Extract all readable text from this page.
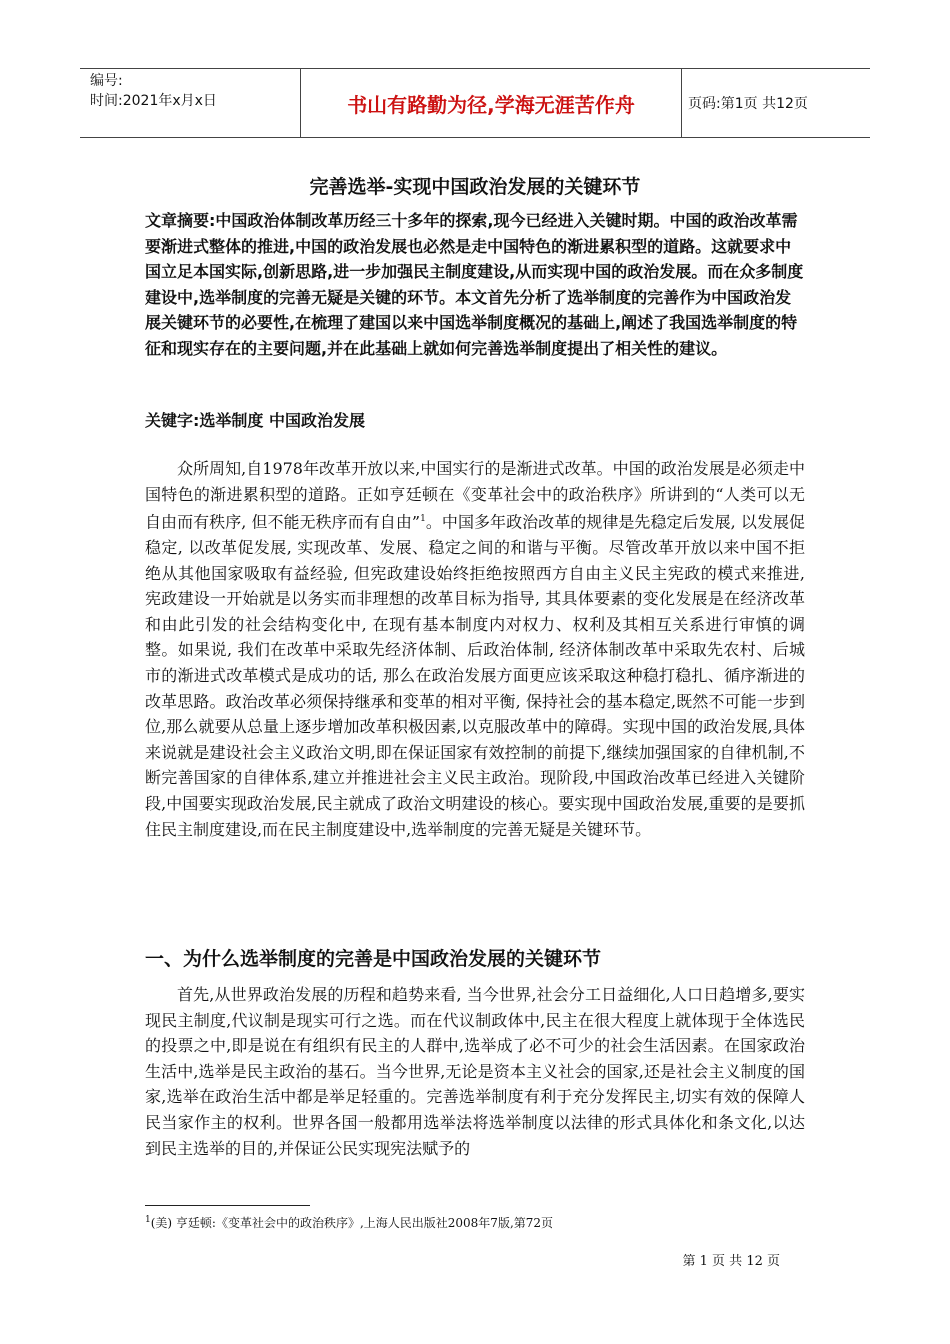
编号:
时间:2021年x月x日	书山有路勤为径,学海无涯苦作舟	页码:第1页 共12页
完善选举-实现中国政治发展的关键环节
文章摘要:中国政治体制改革历经三十多年的探索,现今已经进入关键时期。中国的政治改革需要渐进式整体的推进,中国的政治发展也必然是走中国特色的渐进累积型的道路。这就要求中国立足本国实际,创新思路,进一步加强民主制度建设,从而实现中国的政治发展。而在众多制度建设中,选举制度的完善无疑是关键的环节。本文首先分析了选举制度的完善作为中国政治发展关键环节的必要性,在梳理了建国以来中国选举制度概况的基础上,阐述了我国选举制度的特征和现实存在的主要问题,并在此基础上就如何完善选举制度提出了相关性的建议。
关键字:选举制度 中国政治发展
众所周知,自1978年改革开放以来,中国实行的是渐进式改革。中国的政治发展是必须走中国特色的渐进累积型的道路。正如亨廷顿在《变革社会中的政治秩序》所讲到的“人类可以无自由而有秩序, 但不能无秩序而有自由”$^1$。中国多年政治改革的规律是先稳定后发展, 以发展促稳定, 以改革促发展, 实现改革、发展、稳定之间的和谐与平衡。尽管改革开放以来中国不拒绝从其他国家吸取有益经验, 但宪政建设始终拒绝按照西方自由主义民主宪政的模式来推进, 宪政建设一开始就是以务实而非理想的改革目标为指导, 其具体要素的变化发展是在经济改革和由此引发的社会结构变化中, 在现有基本制度内对权力、权利及其相互关系进行审慎的调整。如果说, 我们在改革中采取先经济体制、后政治体制, 经济体制改革中采取先农村、后城市的渐进式改革模式是成功的话, 那么在政治发展方面更应该采取这种稳打稳扎、循序渐进的改革思路。政治改革必须保持继承和变革的相对平衡, 保持社会的基本稳定,既然不可能一步到位,那么就要从总量上逐步增加改革积极因素,以克服改革中的障碍。实现中国的政治发展,具体来说就是建设社会主义政治文明,即在保证国家有效控制的前提下,继续加强国家的自律机制,不断完善国家的自律体系,建立并推进社会主义民主政治。现阶段,中国政治改革已经进入关键阶段,中国要实现政治发展,民主就成了政治文明建设的核心。要实现中国政治发展,重要的是要抓住民主制度建设,而在民主制度建设中,选举制度的完善无疑是关键环节。
一、为什么选举制度的完善是中国政治发展的关键环节
首先,从世界政治发展的历程和趋势来看, 当今世界,社会分工日益细化,人口日趋增多,要实现民主制度,代议制是现实可行之选。而在代议制政体中,民主在很大程度上就体现于全体选民的投票之中,即是说在有组织有民主的人群中,选举成了必不可少的社会生活因素。在国家政治生活中,选举是民主政治的基石。当今世界,无论是资本主义社会的国家,还是社会主义制度的国家,选举在政治生活中都是举足轻重的。完善选举制度有利于充分发挥民主,切实有效的保障人民当家作主的权利。世界各国一般都用选举法将选举制度以法律的形式具体化和条文化,以达到民主选举的目的,并保证公民实现宪法赋予的
$^1$(美) 亨廷顿:《变革社会中的政治秩序》,上海人民出版社2008年7版,第72页
第 1 页 共 12 页
